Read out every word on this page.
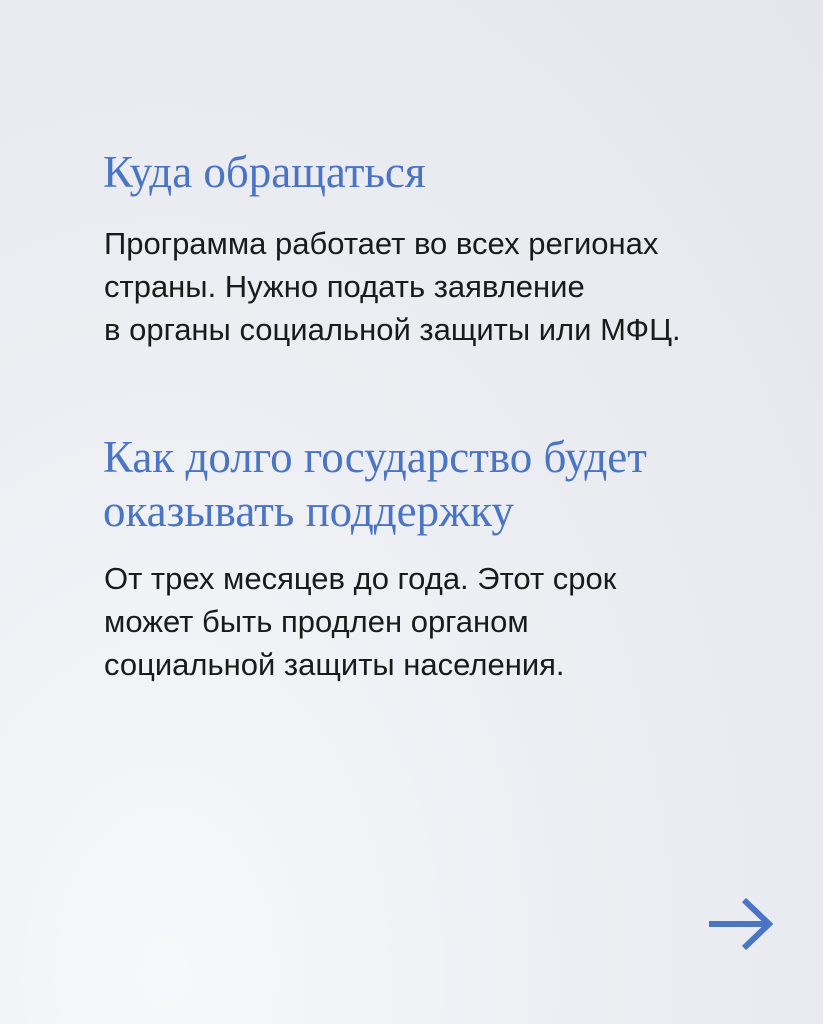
Куда обращаться

Программа работает во всех регионах
страны. Нужно подать заявление
в органы социальной защиты или МФЦ.

Как долго государство будет
оказывать поддержку

От трех месяцев до года. Этот срок
может быть продлен органом
социальной защиты населения.
